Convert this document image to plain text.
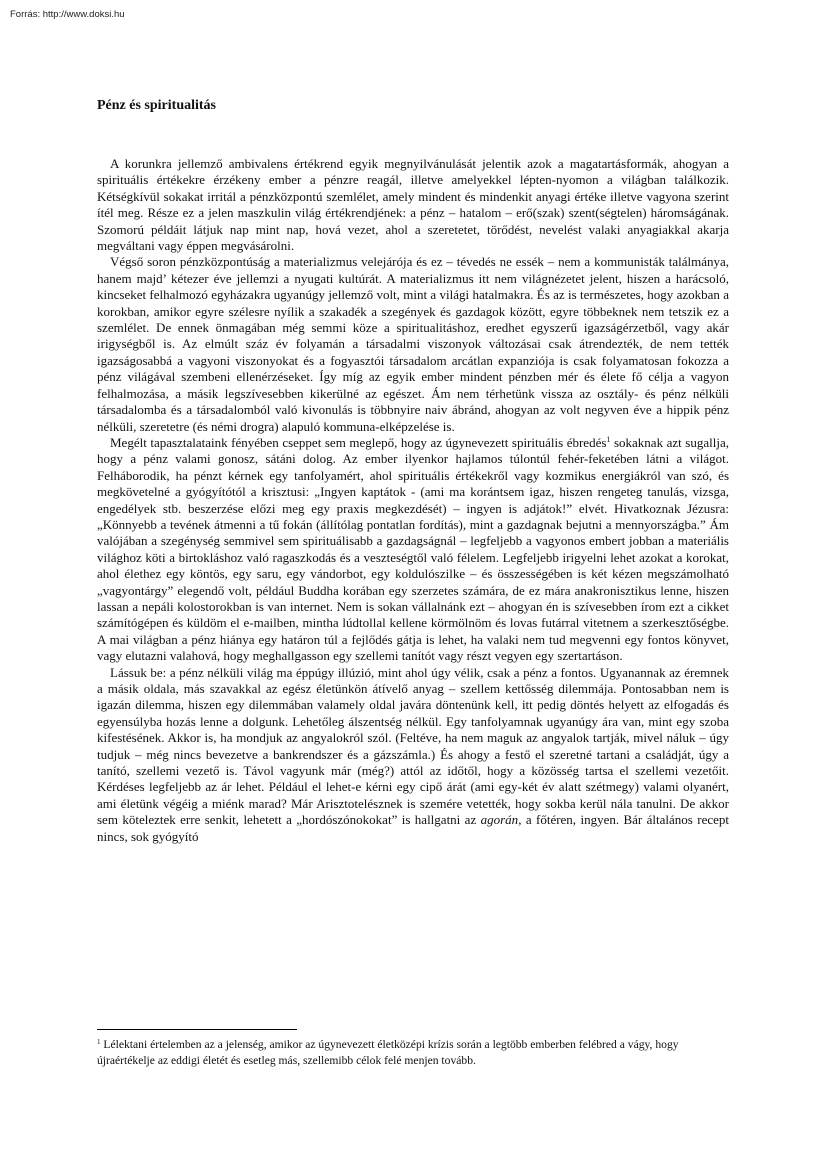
Forrás: http://www.doksi.hu
Pénz és spiritualitás

A korunkra jellemző ambivalens értékrend egyik megnyilvánulását jelentik azok a magatartásformák, ahogyan a spirituális értékekre érzékeny ember a pénzre reagál, illetve amelyekkel lépten-nyomon a világban találkozik. Kétségkívül sokakat irritál a pénzközpontú szemlélet, amely mindent és mindenkit anyagi értéke illetve vagyona szerint ítél meg. Része ez a jelen maszkulin világ értékrendjének: a pénz – hatalom – erő(szak) szent(ségtelen) háromságának. Szomorú példáit látjuk nap mint nap, hová vezet, ahol a szeretetet, törődést, nevelést valaki anyagiakkal akarja megváltani vagy éppen megvásárolni.

Végső soron pénzközpontúság a materializmus velejárója és ez – tévedés ne essék – nem a kommunisták találmánya, hanem majd’ kétezer éve jellemzi a nyugati kultúrát. A materializmus itt nem világnézetet jelent, hiszen a harácsoló, kincseket felhalmozó egyházakra ugyanúgy jellemző volt, mint a világi hatalmakra. És az is természetes, hogy azokban a korokban, amikor egyre szélesre nyílik a szakadék a szegények és gazdagok között, egyre többeknek nem tetszik ez a szemlélet. De ennek önmagában még semmi köze a spiritualitáshoz, eredhet egyszerű igazságérzetből, vagy akár irigységből is. Az elmúlt száz év folyamán a társadalmi viszonyok változásai csak átrendezték, de nem tették igazságosabbá a vagyoni viszonyokat és a fogyasztói társadalom arcátlan expanziója is csak folyamatosan fokozza a pénz világával szembeni ellenérzéseket. Így míg az egyik ember mindent pénzben mér és élete fő célja a vagyon felhalmozása, a másik legszívesebben kikerülné az egészet. Ám nem térhetünk vissza az osztály- és pénz nélküli társadalomba és a társadalomból való kivonulás is többnyire naiv ábránd, ahogyan az volt negyven éve a hippik pénz nélküli, szeretetre (és némi drogra) alapuló kommuna-elképzelése is.

Megélt tapasztalataink fényében cseppet sem meglepő, hogy az úgynevezett spirituális ébredés$^1$ sokaknak azt sugallja, hogy a pénz valami gonosz, sátáni dolog. Az ember ilyenkor hajlamos túlontúl fehér-feketében látni a világot. Felháborodik, ha pénzt kérnek egy tanfolyamért, ahol spirituális értékekről vagy kozmikus energiákról van szó, és megkövetelné a gyógyítótól a krisztusi: „Ingyen kaptátok - (ami ma korántsem igaz, hiszen rengeteg tanulás, vizsga, engedélyek stb. beszerzése előzi meg egy praxis megkezdését) – ingyen is adjátok!” elvét. Hivatkoznak Jézusra: „Könnyebb a tevének átmenni a tű fokán (állítólag pontatlan fordítás), mint a gazdagnak bejutni a mennyországba.” Ám valójában a szegénység semmivel sem spirituálisabb a gazdagságnál – legfeljebb a vagyonos embert jobban a materiális világhoz köti a birtokláshoz való ragaszkodás és a veszteségtől való félelem. Legfeljebb irigyelni lehet azokat a korokat, ahol élethez egy köntös, egy saru, egy vándorbot, egy koldulószilke – és összességében is két kézen megszámolható „vagyontárgy” elegendő volt, például Buddha korában egy szerzetes számára, de ez mára anakronisztikus lenne, hiszen lassan a nepáli kolostorokban is van internet. Nem is sokan vállalnánk ezt – ahogyan én is szívesebben írom ezt a cikket számítógépen és küldöm el e-mailben, mintha lúdtollal kellene körmölnöm és lovas futárral vitetnem a szerkesztőségbe. A mai világban a pénz hiánya egy határon túl a fejlődés gátja is lehet, ha valaki nem tud megvenni egy fontos könyvet, vagy elutazni valahová, hogy meghallgasson egy szellemi tanítót vagy részt vegyen egy szertartáson.

Lássuk be: a pénz nélküli világ ma éppúgy illúzió, mint ahol úgy vélik, csak a pénz a fontos. Ugyanannak az éremnek a másik oldala, más szavakkal az egész életünkön átívelő anyag – szellem kettősség dilemmája. Pontosabban nem is igazán dilemma, hiszen egy dilemmában valamely oldal javára döntenünk kell, itt pedig döntés helyett az elfogadás és egyensúlyba hozás lenne a dolgunk. Lehetőleg álszentség nélkül. Egy tanfolyamnak ugyanúgy ára van, mint egy szoba kifestésének. Akkor is, ha mondjuk az angyalokról szól. (Feltéve, ha nem maguk az angyalok tartják, mivel náluk – úgy tudjuk – még nincs bevezetve a bankrendszer és a gázszámla.) És ahogy a festő el szeretné tartani a családját, úgy a tanító, szellemi vezető is. Távol vagyunk már (még?) attól az időtől, hogy a közösség tartsa el szellemi vezetőit. Kérdéses legfeljebb az ár lehet. Például el lehet-e kérni egy cipő árát (ami egy-két év alatt szétmegy) valami olyanért, ami életünk végéig a miénk marad? Már Arisztotelésznek is szemére vetették, hogy sokba kerül nála tanulni. De akkor sem köteleztek erre senkit, lehetett a „hordószónokokat” is hallgatni az agorán, a főtéren, ingyen. Bár általános recept nincs, sok gyógyító

$^1$ Lélektani értelemben az a jelenség, amikor az úgynevezett életközépi krízis során a legtöbb emberben felébred a vágy, hogy újraértékelje az eddigi életét és esetleg más, szellemibb célok felé menjen tovább.
